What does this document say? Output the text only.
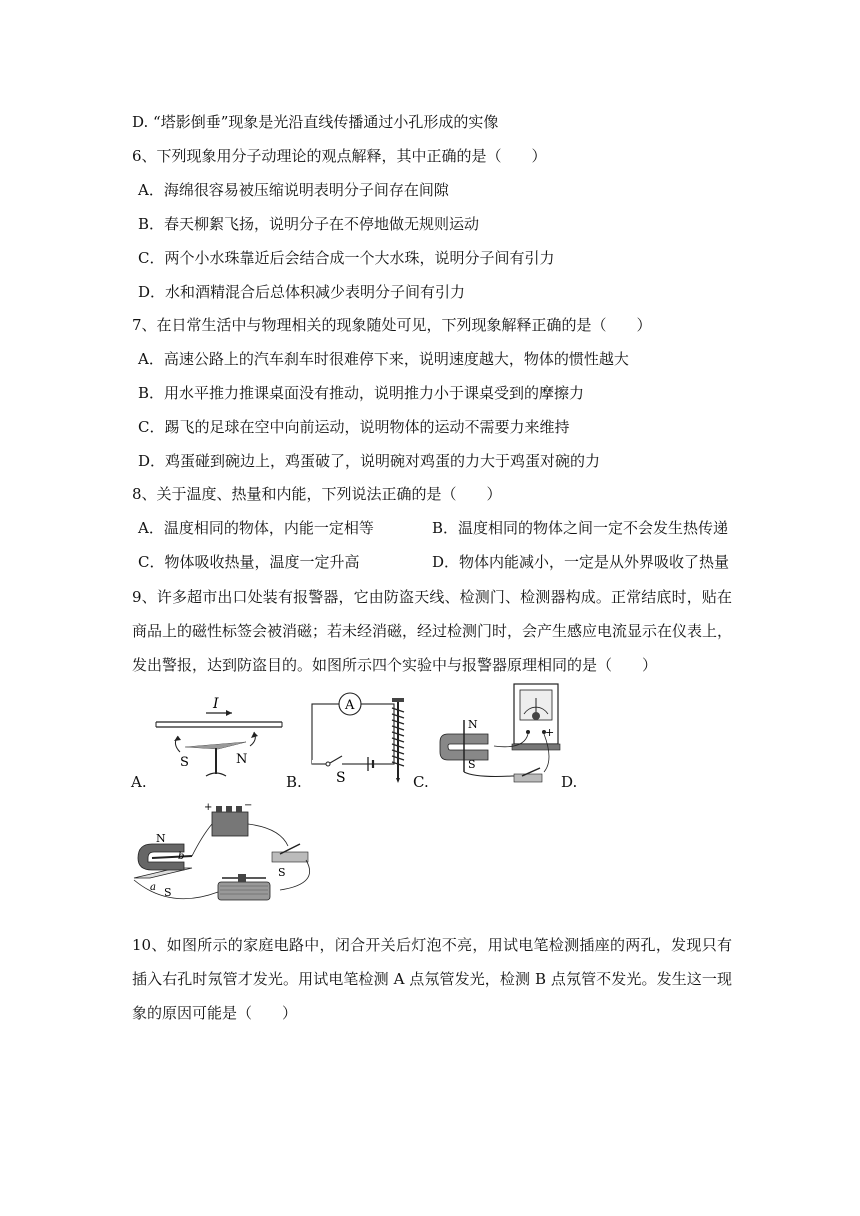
D. “塔影倒垂”现象是光沿直线传播通过小孔形成的实像
6、下列现象用分子动理论的观点解释，其中正确的是（　　）
A．海绵很容易被压缩说明表明分子间存在间隙
B．春天柳絮飞扬，说明分子在不停地做无规则运动
C．两个小水珠靠近后会结合成一个大水珠，说明分子间有引力
D．水和酒精混合后总体积减少表明分子间有引力
7、在日常生活中与物理相关的现象随处可见，下列现象解释正确的是（　　）
A．高速公路上的汽车刹车时很难停下来，说明速度越大，物体的惯性越大
B．用水平推力推课桌面没有推动，说明推力小于课桌受到的摩擦力
C．踢飞的足球在空中向前运动，说明物体的运动不需要力来维持
D．鸡蛋碰到碗边上，鸡蛋破了，说明碗对鸡蛋的力大于鸡蛋对碗的力
8、关于温度、热量和内能，下列说法正确的是（　　）
A．温度相同的物体，内能一定相等	B．温度相同的物体之间一定不会发生热传递
C．物体吸收热量，温度一定升高	D．物体内能减小，一定是从外界吸收了热量
9、许多超市出口处装有报警器，它由防盗天线、检测门、检测器构成。正常结底时，贴在商品上的磁性标签会被消磁；若未经消磁，经过检测门时，会产生感应电流显示在仪表上，发出警报，达到防盗目的。如图所示四个实验中与报警器原理相同的是（　　）
I
S	N
A.
A
S
B.
+
N
S
C.	D.
+	−
N
S
b
a
S
10、如图所示的家庭电路中，闭合开关后灯泡不亮，用试电笔检测插座的两孔，发现只有插入右孔时氖管才发光。用试电笔检测 A 点氖管发光，检测 B 点氖管不发光。发生这一现象的原因可能是（　　）
